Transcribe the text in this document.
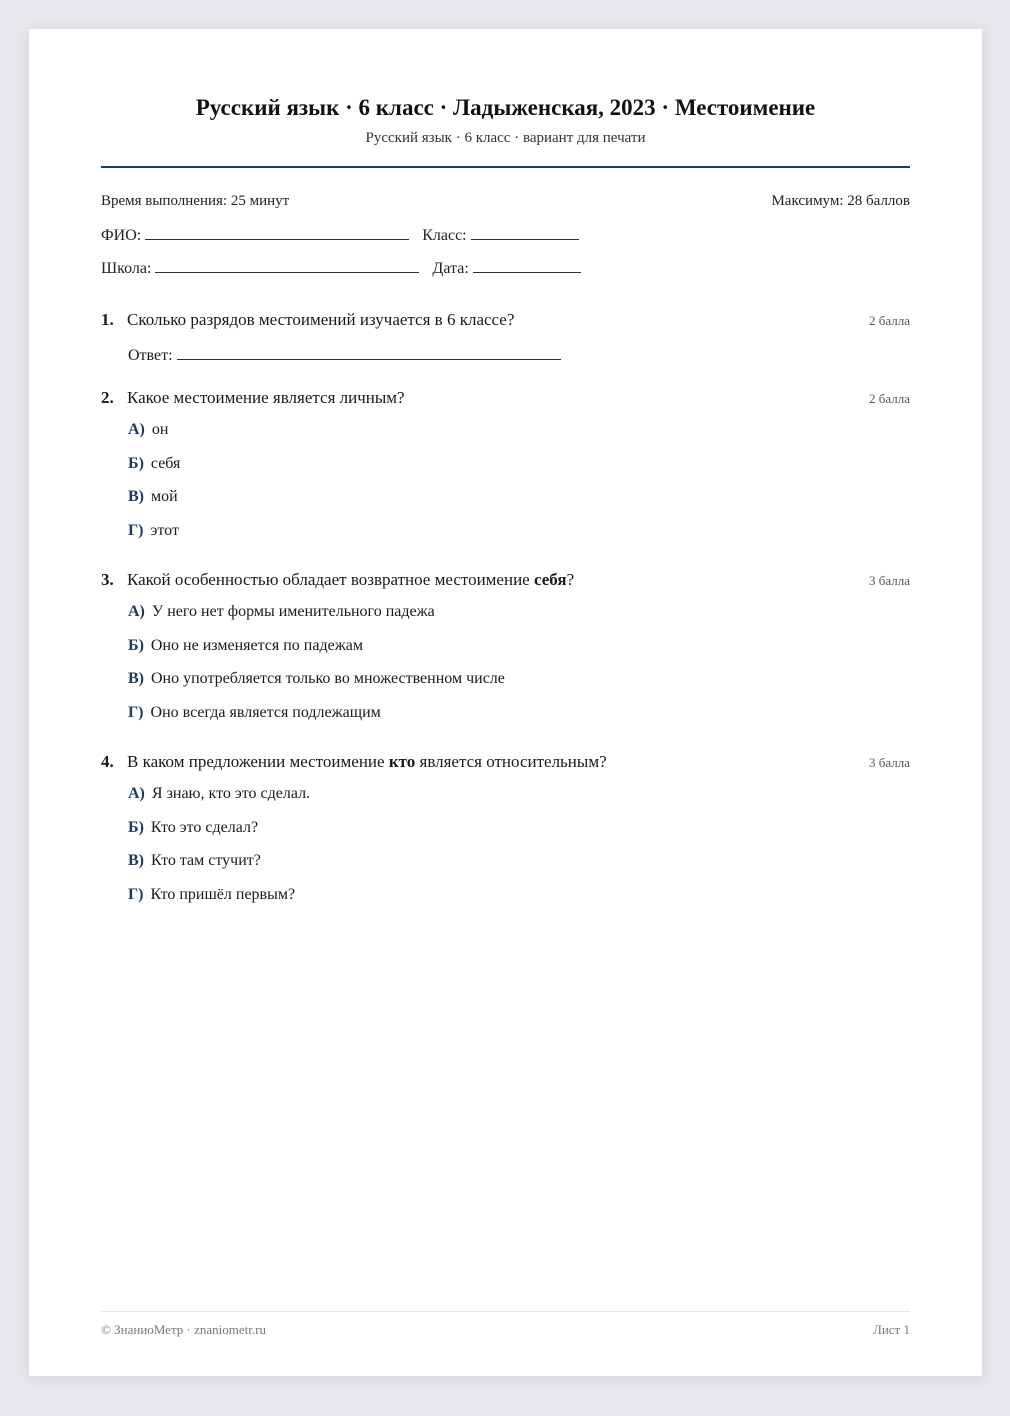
Русский язык · 6 класс · Ладыженская, 2023 · Местоимение
Русский язык · 6 класс · вариант для печати
Время выполнения: 25 минут	Максимум: 28 баллов
ФИО:	Класс:
Школа:	Дата:
1. Сколько разрядов местоимений изучается в 6 классе?	2 балла
Ответ:
2. Какое местоимение является личным?	2 балла
А) он
Б) себя
В) мой
Г) этот
3. Какой особенностью обладает возвратное местоимение себя?	3 балла
А) У него нет формы именительного падежа
Б) Оно не изменяется по падежам
В) Оно употребляется только во множественном числе
Г) Оно всегда является подлежащим
4. В каком предложении местоимение кто является относительным?	3 балла
А) Я знаю, кто это сделал.
Б) Кто это сделал?
В) Кто там стучит?
Г) Кто пришёл первым?
© ЗнаниоМетр · znaniometr.ru	Лист 1
